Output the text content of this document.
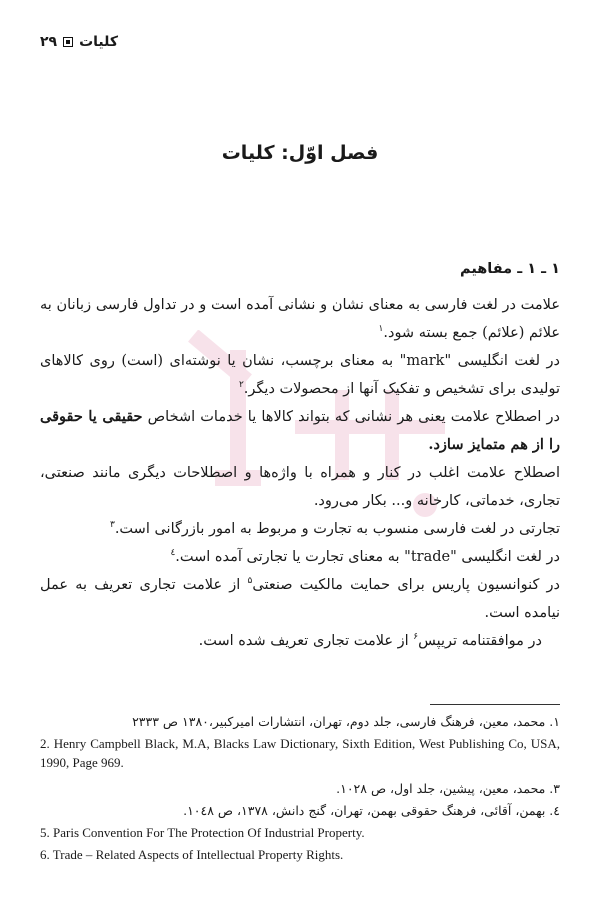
کلیات
۲۹
فصل اوّل: کلیات
۱ ـ ۱ ـ مفاهیم

علامت در لغت فارسی به معنای نشان و نشانی آمده است و در تداول فارسی زبانان به علائم (علائم) جمع بسته شود.$^۱$

در لغت انگلیسی "mark" به معنای برچسب، نشان یا نوشته‌ای (است) روی کالاهای تولیدی برای تشخیص و تفکیک آنها از محصولات دیگر.$^۲$

در اصطلاح علامت یعنی هر نشانی که بتواند کالاها یا خدمات اشخاص حقیقی یا حقوقی را از هم متمایز سازد.

اصطلاح علامت اغلب در کنار و همراه با واژه‌ها و اصطلاحات دیگری مانند صنعتی، تجاری، خدماتی، کارخانه و... بکار می‌رود.

تجارتی در لغت فارسی منسوب به تجارت و مربوط به امور بازرگانی است.$^۳$

در لغت انگلیسی "trade" به معنای تجارت یا تجارتی آمده است.$^٤$

در کنوانسیون پاریس برای حمایت مالکیت صنعتی$^۵$ از علامت تجاری تعریف به عمل نیامده است.

در موافقتنامه تریپس$^۶$ از علامت تجاری تعریف شده است.

۱. محمد، معین، فرهنگ فارسی، جلد دوم، تهران، انتشارات امیرکبیر،۱۳۸۰ ص ۲۳۳۳

2. Henry Campbell Black, M.A, Blacks Law Dictionary, Sixth Edition, West Publishing Co, USA, 1990, Page 969.

۳. محمد، معین، پیشین، جلد اول، ص ۱۰۲۸.

٤. بهمن، آقائی، فرهنگ حقوقی بهمن، تهران، گنج دانش، ۱۳۷۸، ص ۱۰٤۸.

5. Paris Convention For The Protection Of Industrial Property.

6. Trade – Related Aspects of Intellectual Property Rights.
